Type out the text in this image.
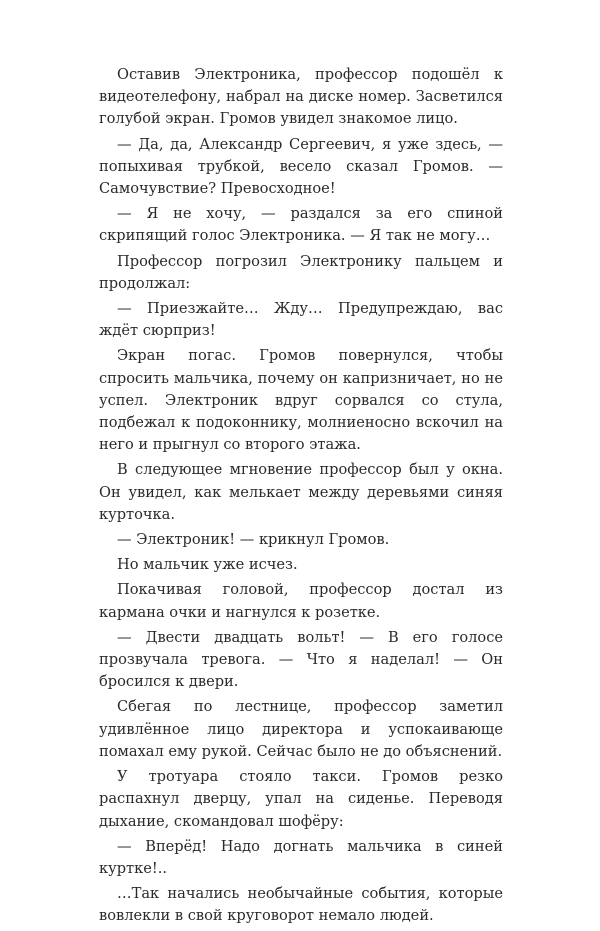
Оставив Электроника, профессор подошёл к видеотелефону, набрал на диске номер. Засветился голубой экран. Громов увидел знакомое лицо.

— Да, да, Александр Сергеевич, я уже здесь, — попыхивая трубкой, весело сказал Громов. — Самочувствие? Превосходное!

— Я не хочу, — раздался за его спиной скрипящий голос Электроника. — Я так не могу…

Профессор погрозил Электронику пальцем и продолжал:

— Приезжайте… Жду… Предупреждаю, вас ждёт сюрприз!

Экран погас. Громов повернулся, чтобы спросить мальчика, почему он капризничает, но не успел. Электроник вдруг сорвался со стула, подбежал к подоконнику, молниеносно вскочил на него и прыгнул со второго этажа.

В следующее мгновение профессор был у окна. Он увидел, как мелькает между деревьями синяя курточка.

— Электроник! — крикнул Громов.

Но мальчик уже исчез.

Покачивая головой, профессор достал из кармана очки и нагнулся к розетке.

— Двести двадцать вольт! — В его голосе прозвучала тревога. — Что я наделал! — Он бросился к двери.

Сбегая по лестнице, профессор заметил удивлённое лицо директора и успокаивающе помахал ему рукой. Сейчас было не до объяснений.

У тротуара стояло такси. Громов резко распахнул дверцу, упал на сиденье. Переводя дыхание, скомандовал шофёру:

— Вперёд! Надо догнать мальчика в синей куртке!..

…Так начались необычайные события, которые вовлекли в свой круговорот немало людей.
